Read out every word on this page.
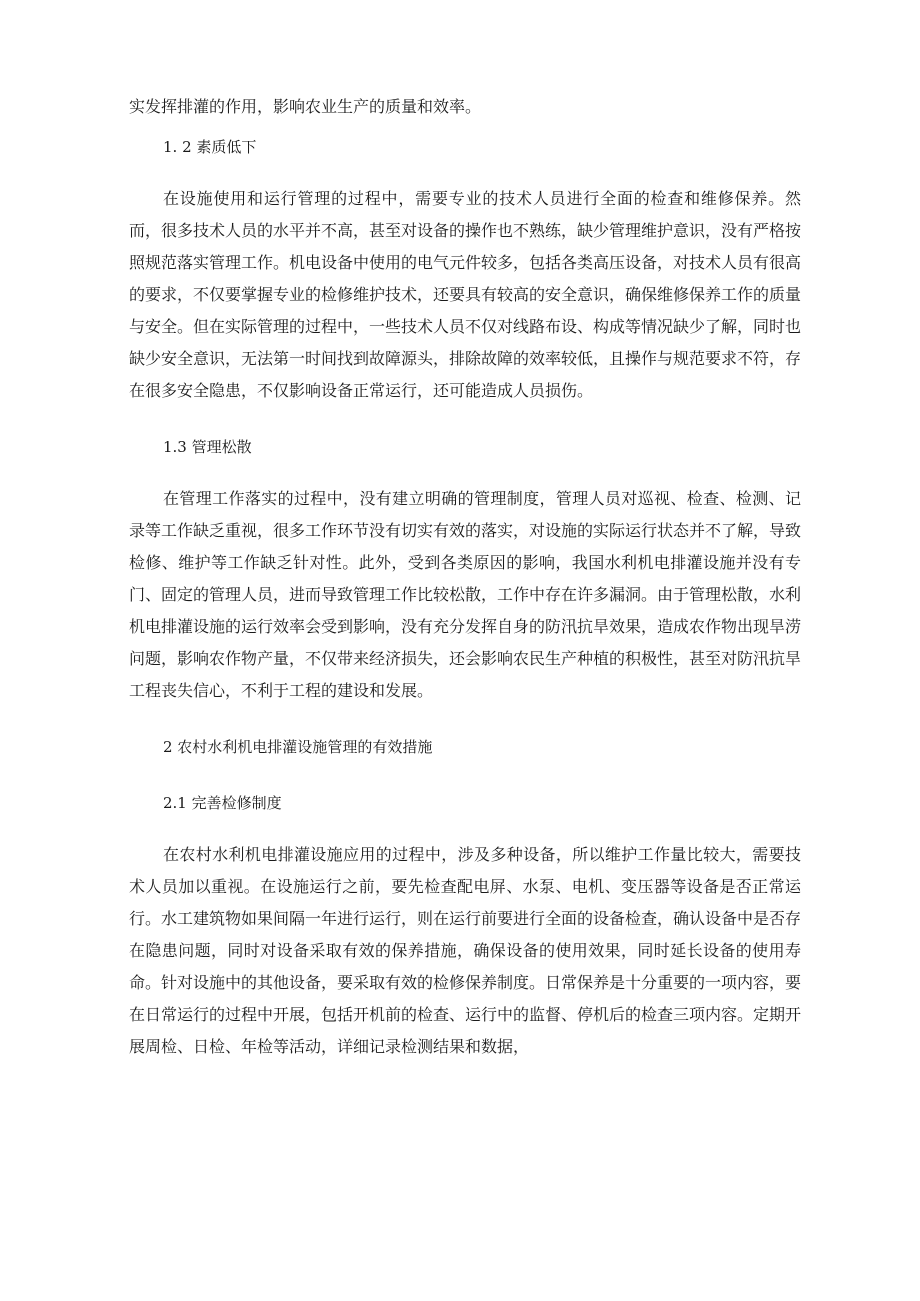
实发挥排灌的作用，影响农业生产的质量和效率。

1. 2 素质低下

在设施使用和运行管理的过程中，需要专业的技术人员进行全面的检查和维修保养。然而，很多技术人员的水平并不高，甚至对设备的操作也不熟练，缺少管理维护意识，没有严格按照规范落实管理工作。机电设备中使用的电气元件较多，包括各类高压设备，对技术人员有很高的要求，不仅要掌握专业的检修维护技术，还要具有较高的安全意识，确保维修保养工作的质量与安全。但在实际管理的过程中，一些技术人员不仅对线路布设、构成等情况缺少了解，同时也缺少安全意识，无法第一时间找到故障源头，排除故障的效率较低，且操作与规范要求不符，存在很多安全隐患，不仅影响设备正常运行，还可能造成人员损伤。

1.3 管理松散

在管理工作落实的过程中，没有建立明确的管理制度，管理人员对巡视、检查、检测、记录等工作缺乏重视，很多工作环节没有切实有效的落实，对设施的实际运行状态并不了解，导致检修、维护等工作缺乏针对性。此外，受到各类原因的影响，我国水利机电排灌设施并没有专门、固定的管理人员，进而导致管理工作比较松散，工作中存在许多漏洞。由于管理松散，水利机电排灌设施的运行效率会受到影响，没有充分发挥自身的防汛抗旱效果，造成农作物出现旱涝问题，影响农作物产量，不仅带来经济损失，还会影响农民生产种植的积极性，甚至对防汛抗旱工程丧失信心，不利于工程的建设和发展。

2 农村水利机电排灌设施管理的有效措施

2.1 完善检修制度

在农村水利机电排灌设施应用的过程中，涉及多种设备，所以维护工作量比较大，需要技术人员加以重视。在设施运行之前，要先检查配电屏、水泵、电机、变压器等设备是否正常运行。水工建筑物如果间隔一年进行运行，则在运行前要进行全面的设备检查，确认设备中是否存在隐患问题，同时对设备采取有效的保养措施，确保设备的使用效果，同时延长设备的使用寿命。针对设施中的其他设备，要采取有效的检修保养制度。日常保养是十分重要的一项内容，要在日常运行的过程中开展，包括开机前的检查、运行中的监督、停机后的检查三项内容。定期开展周检、日检、年检等活动，详细记录检测结果和数据，
